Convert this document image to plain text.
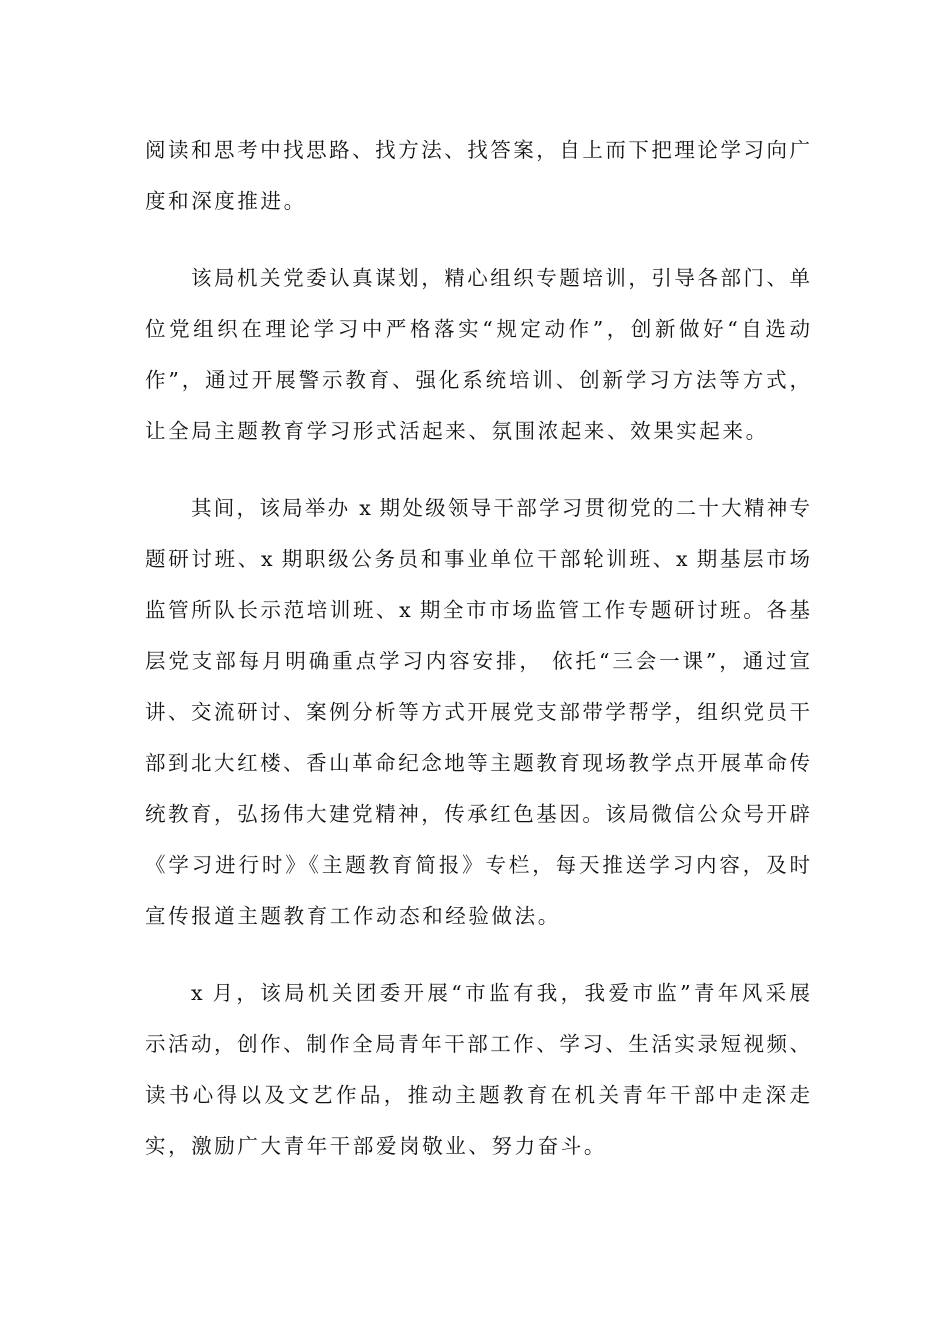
阅读和思考中找思路、找方法、找答案，自上而下把理论学习向广
度和深度推进。
该局机关党委认真谋划，精心组织专题培训，引导各部门、单
位党组织在理论学习中严格落实“规定动作”，创新做好“自选动
作”，通过开展警示教育、强化系统培训、创新学习方法等方式，
让全局主题教育学习形式活起来、氛围浓起来、效果实起来。
其间，该局举办 x 期处级领导干部学习贯彻党的二十大精神专
题研讨班、x 期职级公务员和事业单位干部轮训班、x 期基层市场
监管所队长示范培训班、x 期全市市场监管工作专题研讨班。各基
层党支部每月明确重点学习内容安排， 依托“三会一课”，通过宣
讲、交流研讨、案例分析等方式开展党支部带学帮学，组织党员干
部到北大红楼、香山革命纪念地等主题教育现场教学点开展革命传
统教育，弘扬伟大建党精神，传承红色基因。该局微信公众号开辟
《学习进行时》《主题教育简报》专栏，每天推送学习内容，及时
宣传报道主题教育工作动态和经验做法。
x 月，该局机关团委开展“市监有我，我爱市监”青年风采展
示活动，创作、制作全局青年干部工作、学习、生活实录短视频、
读书心得以及文艺作品，推动主题教育在机关青年干部中走深走
实，激励广大青年干部爱岗敬业、努力奋斗。
